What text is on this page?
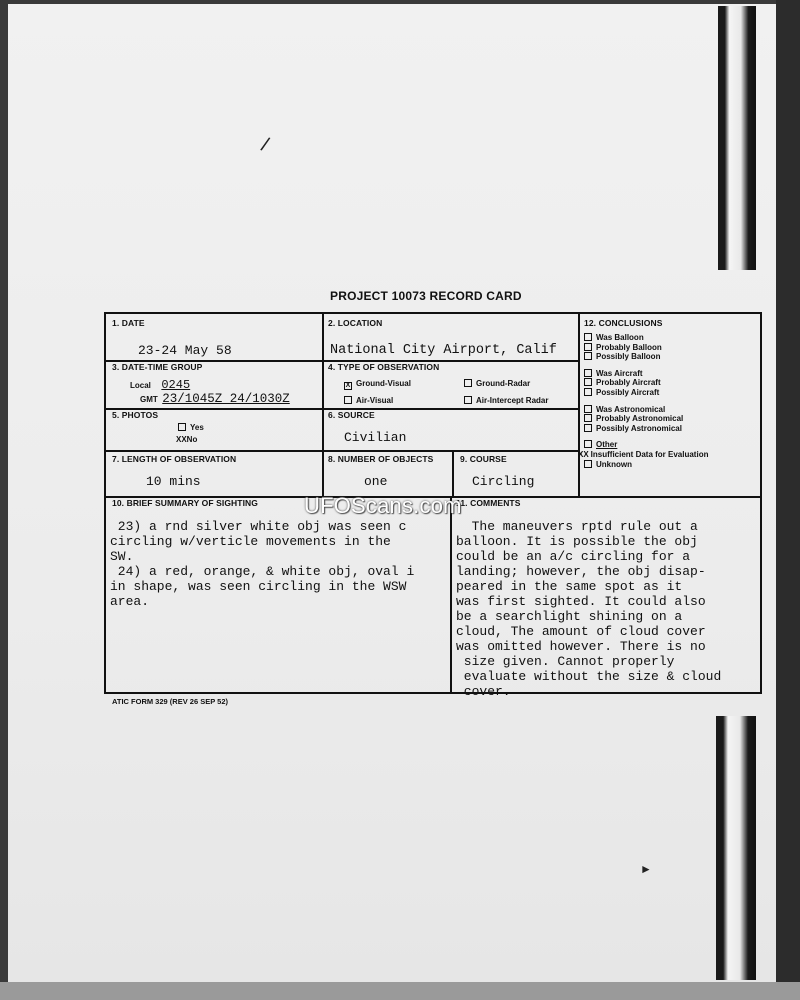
/
PROJECT 10073 RECORD CARD
1. DATE
23-24 May 58
2. LOCATION
National City Airport, Calif
3. DATE-TIME GROUP
Local 0245
GMT 23/1045Z 24/1030Z
4. TYPE OF OBSERVATION
X Ground-Visual	Ground-Radar
Air-Visual	Air-Intercept Radar
5. PHOTOS
Yes
XXNo
6. SOURCE
Civilian
7. LENGTH OF OBSERVATION
10 mins
8. NUMBER OF OBJECTS
one
9. COURSE
Circling
12. CONCLUSIONS
Was Balloon
Probably Balloon
Possibly Balloon
Was Aircraft
Probably Aircraft
Possibly Aircraft
Was Astronomical
Probably Astronomical
Possibly Astronomical
Other
XX Insufficient Data for Evaluation
Unknown
10. BRIEF SUMMARY OF SIGHTING
23) a rnd silver white obj was seen c
circling w/verticle movements in the
SW.
24) a red, orange, & white obj, oval i
in shape, was seen circling in the WSW
area.
11. COMMENTS
The maneuvers rptd rule out a
balloon. It is possible the obj
could be an a/c circling for a
landing; however, the obj disap-
peared in the same spot as it
was first sighted. It could also
be a searchlight shining on a
cloud, The amount of cloud cover
was omitted however. There is no
size given. Cannot properly
evaluate without the size & cloud
cover.
UFOScans.com
ATIC FORM 329 (REV 26 SEP 52)
►
